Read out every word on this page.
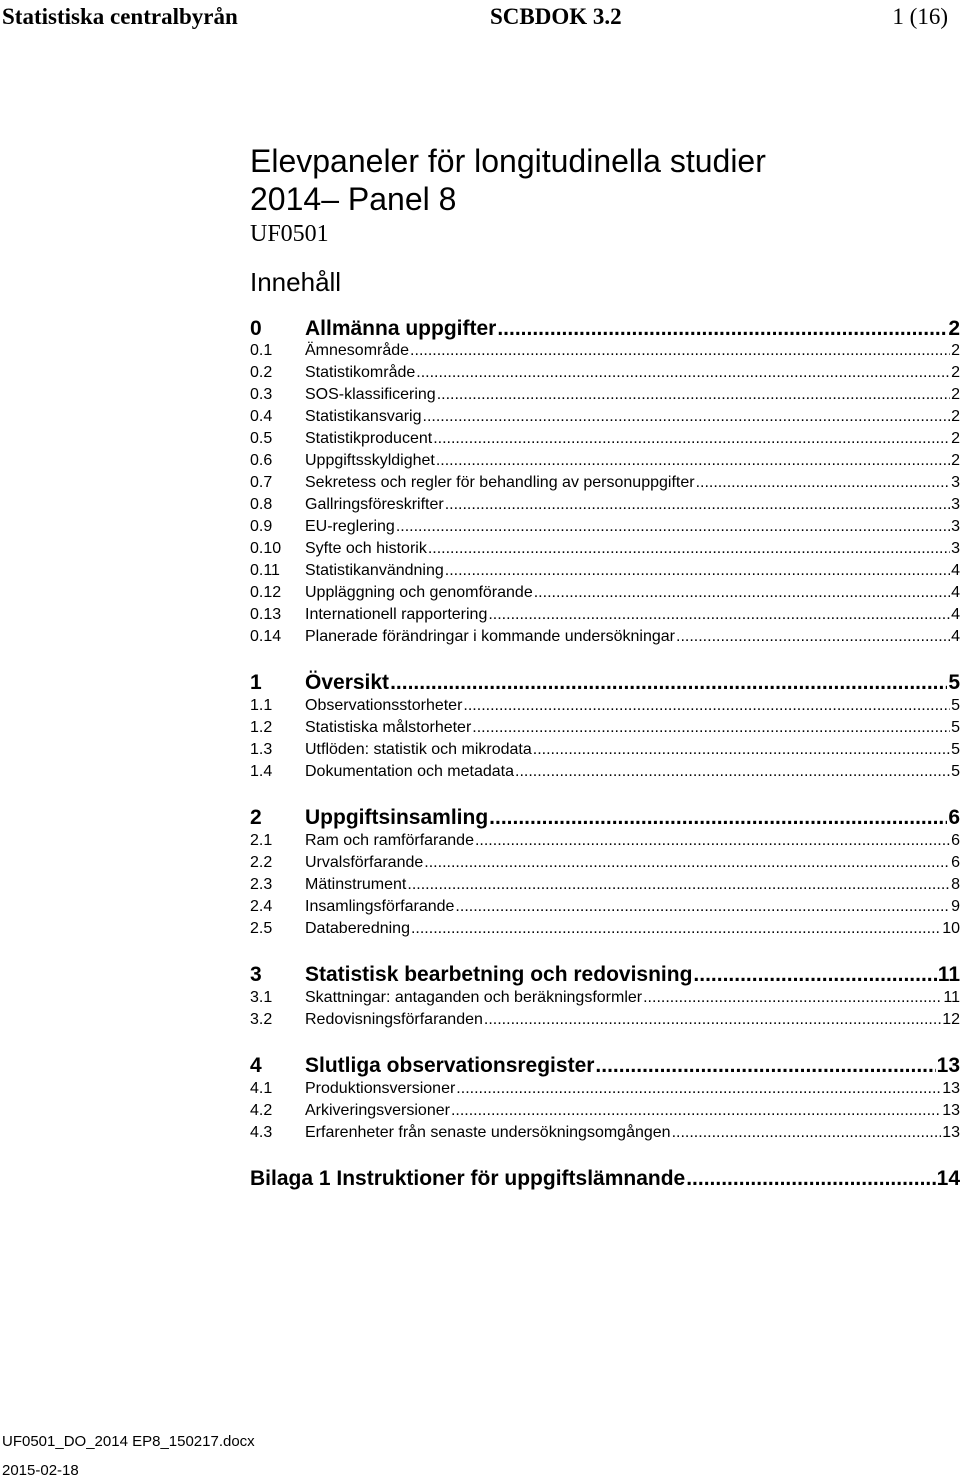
Statistiska centralbyrån	SCBDOK 3.2	1 (16)
Elevpaneler för longitudinella studier
2014– Panel 8
UF0501
Innehåll
0	Allmänna uppgifter .....	2
0.1	Ämnesområde .....	2
0.2	Statistikområde .....	2
0.3	SOS-klassificering .....	2
0.4	Statistikansvarig .....	2
0.5	Statistikproducent .....	2
0.6	Uppgiftsskyldighet .....	2
0.7	Sekretess och regler för behandling av personuppgifter .....	3
0.8	Gallringsföreskrifter .....	3
0.9	EU-reglering .....	3
0.10	Syfte och historik .....	3
0.11	Statistikanvändning .....	4
0.12	Uppläggning och genomförande .....	4
0.13	Internationell rapportering .....	4
0.14	Planerade förändringar i kommande undersökningar .....	4
1	Översikt .....	5
1.1	Observationsstorheter .....	5
1.2	Statistiska målstorheter .....	5
1.3	Utflöden: statistik och mikrodata .....	5
1.4	Dokumentation och metadata .....	5
2	Uppgiftsinsamling .....	6
2.1	Ram och ramförfarande .....	6
2.2	Urvalsförfarande .....	6
2.3	Mätinstrument .....	8
2.4	Insamlingsförfarande .....	9
2.5	Databeredning .....	10
3	Statistisk bearbetning och redovisning .....	11
3.1	Skattningar: antaganden och beräkningsformler .....	11
3.2	Redovisningsförfaranden .....	12
4	Slutliga observationsregister .....	13
4.1	Produktionsversioner .....	13
4.2	Arkiveringsversioner .....	13
4.3	Erfarenheter från senaste undersökningsomgången .....	13
Bilaga 1 Instruktioner för uppgiftslämnande .....	14
UF0501_DO_2014 EP8_150217.docx
2015-02-18
